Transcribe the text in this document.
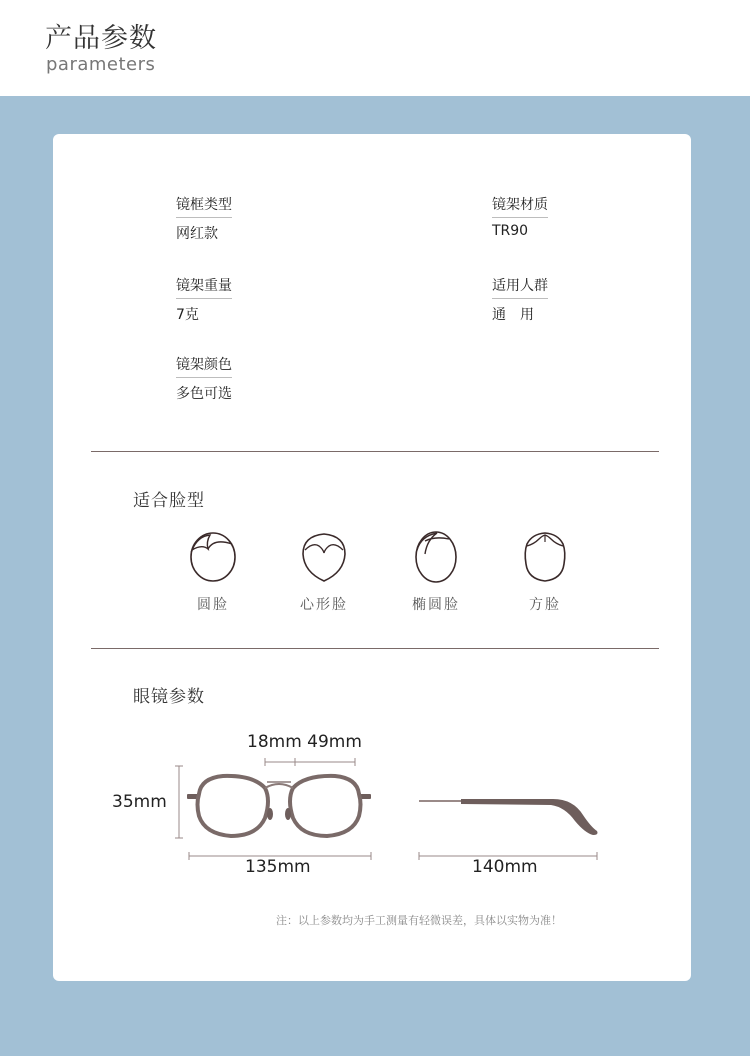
产品参数
parameters
镜框类型
网红款
镜架材质
TR90
镜架重量
7克
适用人群
通　用
镜架颜色
多色可选
适合脸型
圆脸	心形脸	椭圆脸	方脸
眼镜参数
18mm 49mm
35mm
135mm	140mm
注：以上参数均为手工测量有轻微误差，具体以实物为准！
